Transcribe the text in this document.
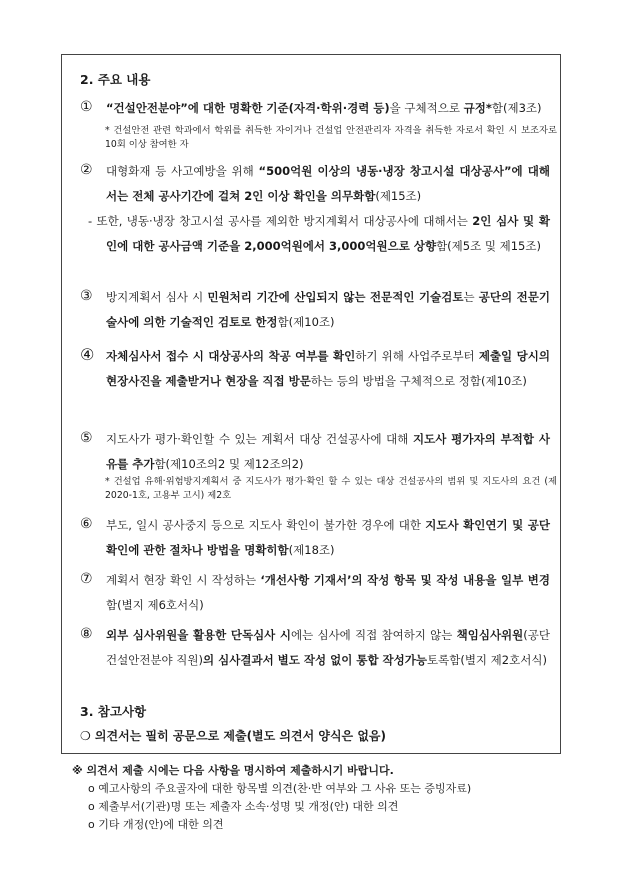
2. 주요 내용
① “건설안전분야”에 대한 명확한 기준(자격·학위·경력 등)을 구체적으로 규정*함(제3조)
* 건설안전 관련 학과에서 학위를 취득한 자이거나 건설업 안전관리자 자격을 취득한 자로서 확인 시 보조자로 10회 이상 참여한 자
② 대형화재 등 사고예방을 위해 “500억원 이상의 냉동·냉장 창고시설 대상공사”에 대해서는 전체 공사기간에 걸쳐 2인 이상 확인을 의무화함(제15조)
- 또한, 냉동·냉장 창고시설 공사를 제외한 방지계획서 대상공사에 대해서는 2인 심사 및 확인에 대한 공사금액 기준을 2,000억원에서 3,000억원으로 상향함(제5조 및 제15조)
③ 방지계획서 심사 시 민원처리 기간에 산입되지 않는 전문적인 기술검토는 공단의 전문기술사에 의한 기술적인 검토로 한정함(제10조)
④ 자체심사서 접수 시 대상공사의 착공 여부를 확인하기 위해 사업주로부터 제출일 당시의 현장사진을 제출받거나 현장을 직접 방문하는 등의 방법을 구체적으로 정함(제10조)
⑤ 지도사가 평가·확인할 수 있는 계획서 대상 건설공사에 대해 지도사 평가자의 부적합 사유를 추가함(제10조의2 및 제12조의2)
* 건설업 유해·위험방지계획서 중 지도사가 평가·확인 할 수 있는 대상 건설공사의 범위 및 지도사의 요건 (제2020-1호, 고용부 고시) 제2호
⑥ 부도, 일시 공사중지 등으로 지도사 확인이 불가한 경우에 대한 지도사 확인연기 및 공단 확인에 관한 절차나 방법을 명확히함(제18조)
⑦ 계획서 현장 확인 시 작성하는 ‘개선사항 기재서’의 작성 항목 및 작성 내용을 일부 변경함(별지 제6호서식)
⑧ 외부 심사위원을 활용한 단독심사 시에는 심사에 직접 참여하지 않는 책임심사위원(공단 건설안전분야 직원)의 심사결과서 별도 작성 없이 통합 작성가능토록함(별지 제2호서식)
3. 참고사항
❍ 의견서는 필히 공문으로 제출(별도 의견서 양식은 없음)
※ 의견서 제출 시에는 다음 사항을 명시하여 제출하시기 바랍니다.
o 예고사항의 주요골자에 대한 항목별 의견(찬·반 여부와 그 사유 또는 증빙자료)
o 제출부서(기관)명 또는 제출자 소속·성명 및 개정(안) 대한 의견
o 기타 개정(안)에 대한 의견
